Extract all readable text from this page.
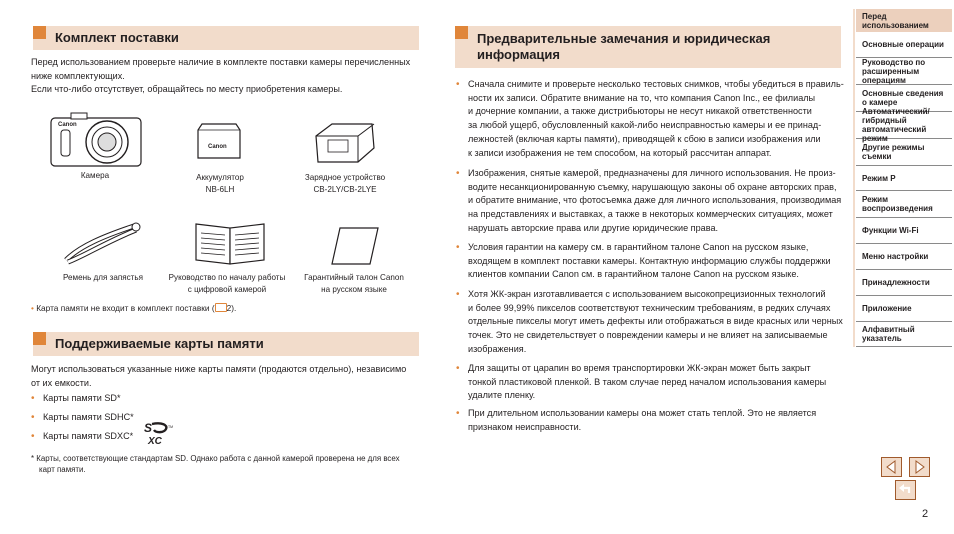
Комплект поставки
Перед использованием проверьте наличие в комплекте поставки камеры перечисленных
ниже комплектующих.
Если что-либо отсутствует, обращайтесь по месту приобретения камеры.
Canon
Камера
Canon
Аккумулятор
NB-6LH
Зарядное устройство
CB-2LY/CB-2LYE
Ремень для запястья	Руководство по началу работы
с цифровой камерой
Гарантийный талон Canon
на русском языке
• Карта памяти не входит в комплект поставки ( 2).
Поддерживаемые карты памяти
Могут использоваться указанные ниже карты памяти (продаются отдельно), независимо
от их емкости.
• Карты памяти SD*
• Карты памяти SDHC*
• Карты памяти SDXC*
S
XC
TM
* Карты, соответствующие стандартам SD. Однако работа с данной камерой проверена не для всех
карт памяти.
Предварительные замечания и юридическая
информация
• Сначала снимите и проверьте несколько тестовых снимков, чтобы убедиться в правиль-
ности их записи. Обратите внимание на то, что компания Canon Inc., ее филиалы
и дочерние компании, а также дистрибьюторы не несут никакой ответственности
за любой ущерб, обусловленный какой-либо неисправностью камеры и ее принад-
лежностей (включая карты памяти), приводящей к сбою в записи изображения или
к записи изображения не тем способом, на который рассчитан аппарат.
• Изображения, снятые камерой, предназначены для личного использования. Не произ-
водите несанкционированную съемку, нарушающую законы об охране авторских прав,
и обратите внимание, что фотосъемка даже для личного использования, производимая
на представлениях и выставках, а также в некоторых коммерческих ситуациях, может
нарушать авторские права или другие юридические права.
• Условия гарантии на камеру см. в гарантийном талоне Canon на русском языке,
входящем в комплект поставки камеры. Контактную информацию службы поддержки
клиентов компании Canon см. в гарантийном талоне Canon на русском языке.
• Хотя ЖК-экран изготавливается с использованием высокопрецизионных технологий
и более 99,99% пикселов соответствуют техническим требованиям, в редких случаях
отдельные пикселы могут иметь дефекты или отображаться в виде красных или черных
точек. Это не свидетельствует о повреждении камеры и не влияет на записываемые
изображения.
• Для защиты от царапин во время транспортировки ЖК-экран может быть закрыт
тонкой пластиковой пленкой. В таком случае перед началом использования камеры
удалите пленку.
• При длительном использовании камеры она может стать теплой. Это не является
признаком неисправности.
Перед использованием
Основные операции
Руководство по
расширенным операциям
Основные сведения
о камере
Автоматический/гибридный
автоматический режим
Другие режимы
съемки
Режим P
Режим
воспроизведения
Функции Wi-Fi
Меню настройки
Принадлежности
Приложение
Алфавитный указатель
2
